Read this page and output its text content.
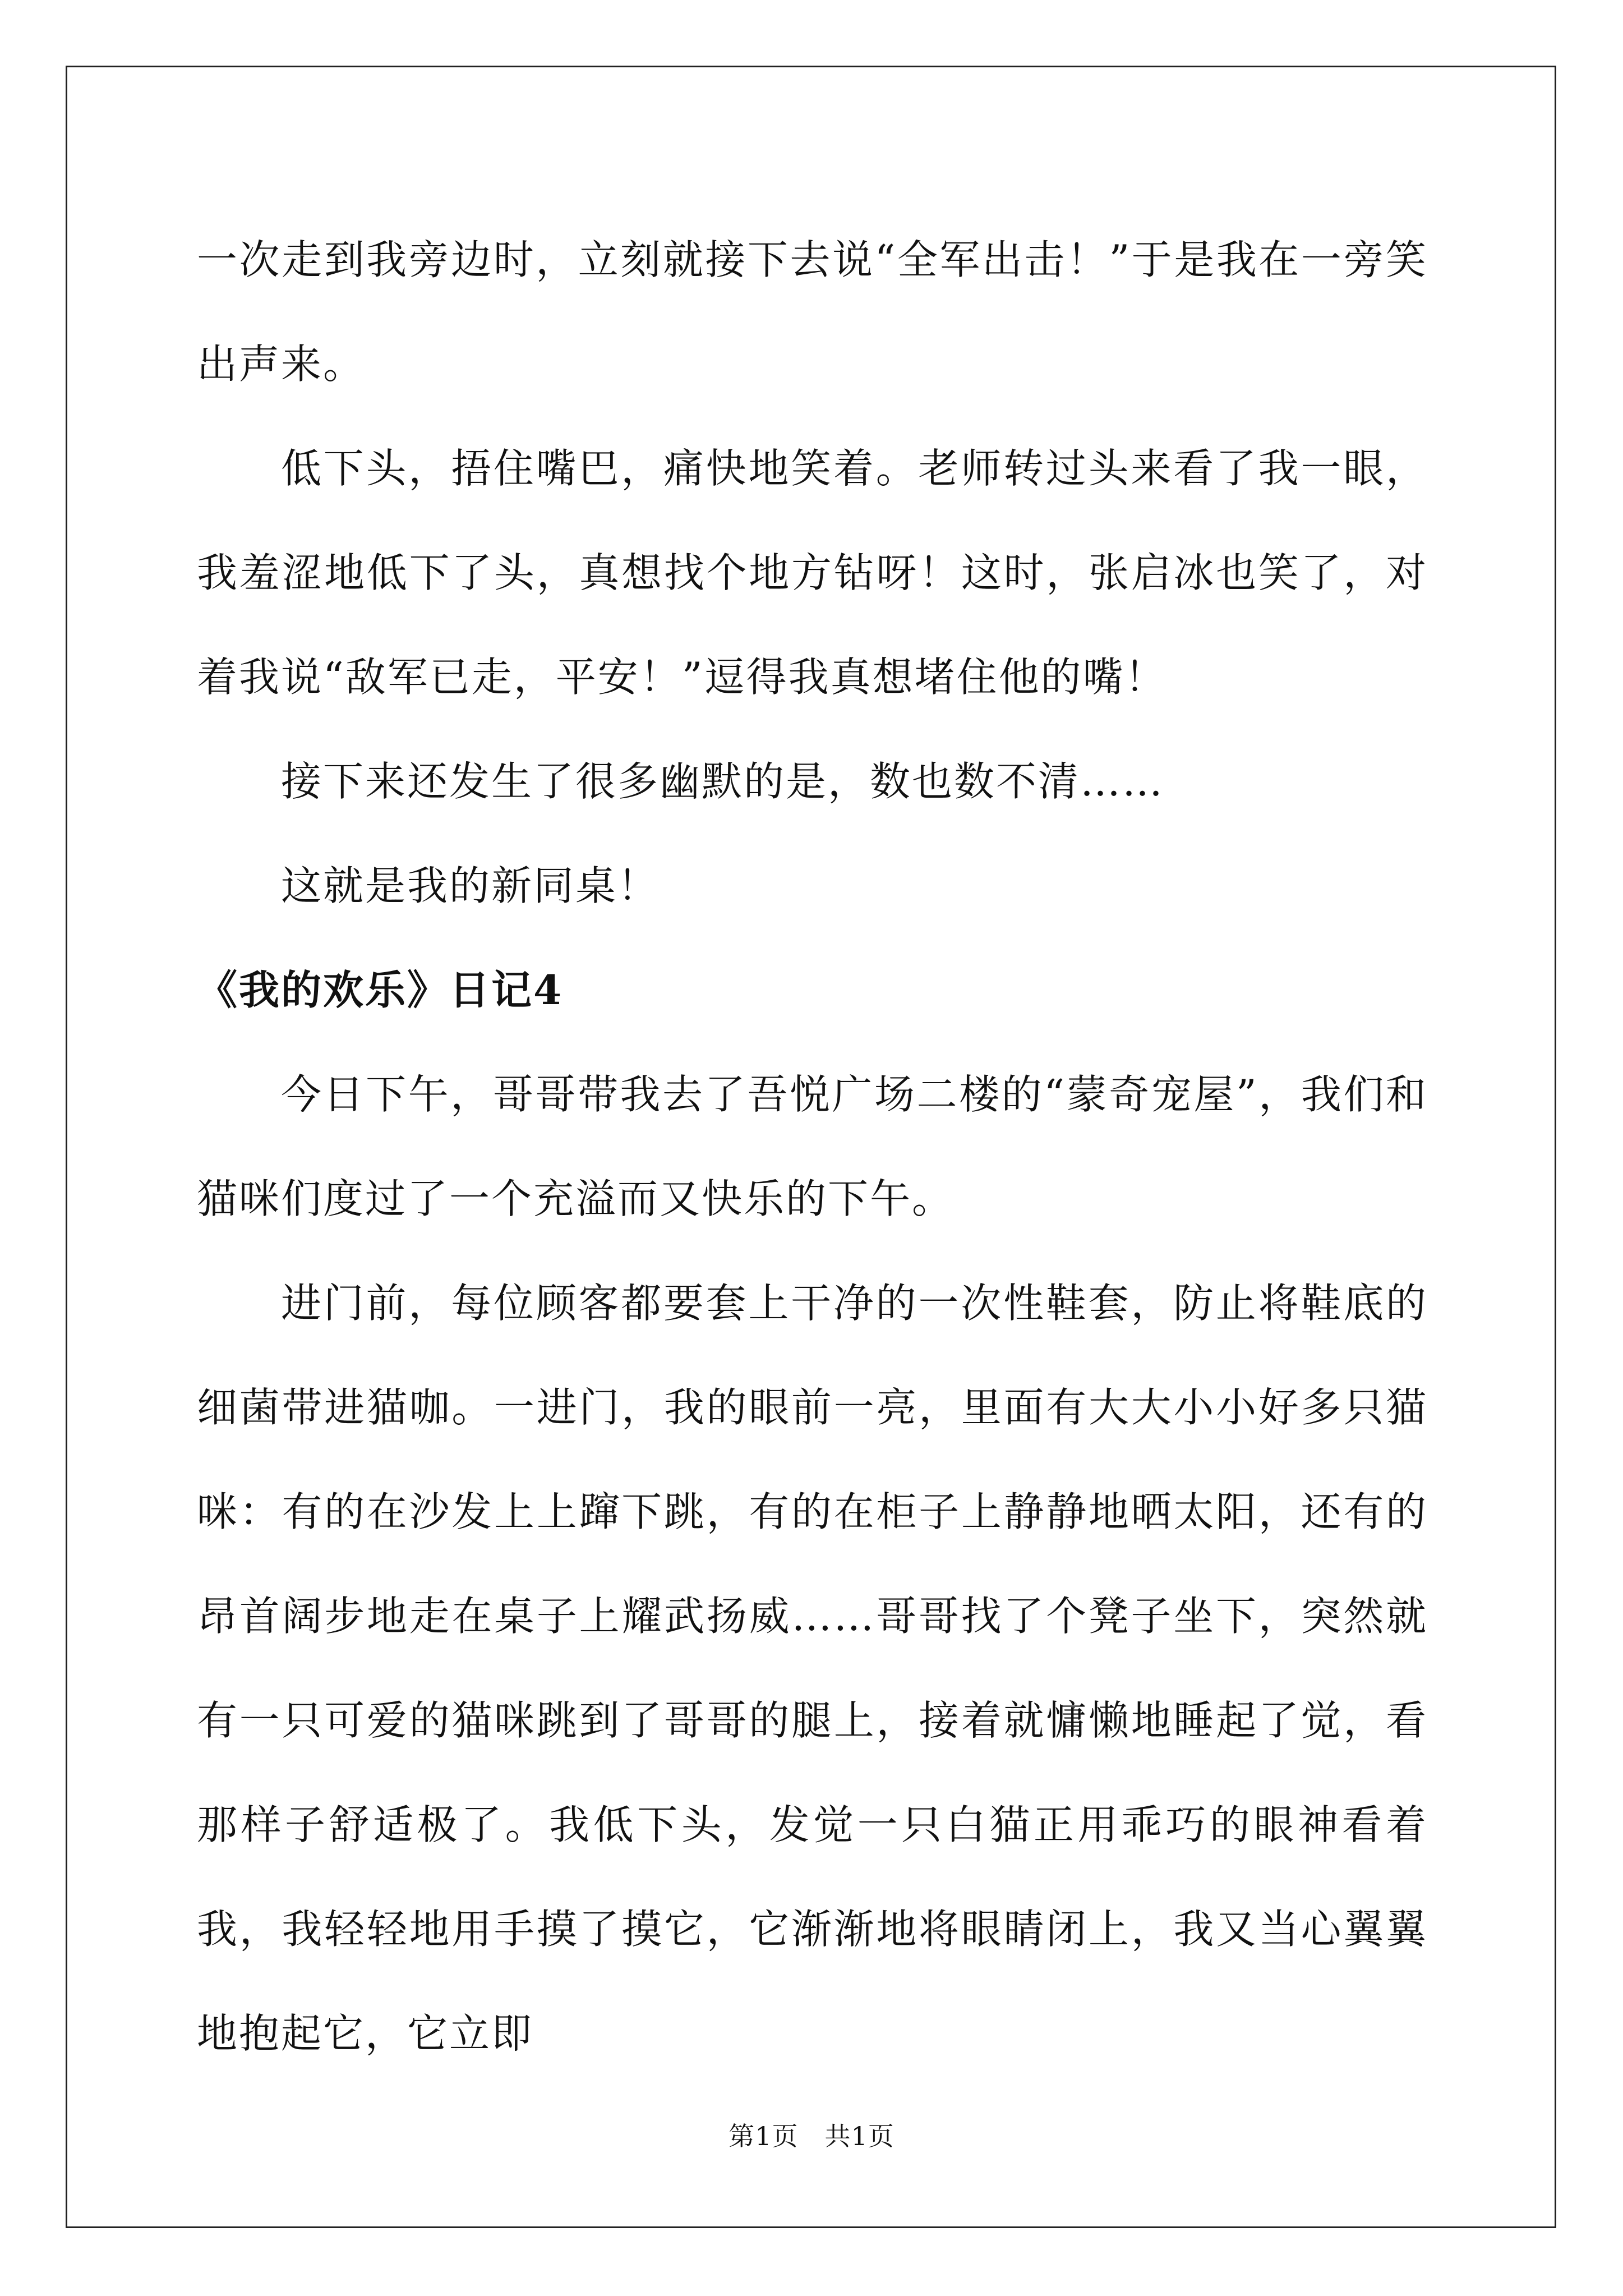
一次走到我旁边时，立刻就接下去说“全军出击！”于是我在一旁笑出声来。

低下头，捂住嘴巴，痛快地笑着。老师转过头来看了我一眼，我羞涩地低下了头，真想找个地方钻呀！这时，张启冰也笑了，对着我说“敌军已走，平安！”逗得我真想堵住他的嘴！

接下来还发生了很多幽默的是，数也数不清……

这就是我的新同桌！

《我的欢乐》日记4

今日下午，哥哥带我去了吾悦广场二楼的“蒙奇宠屋”，我们和猫咪们度过了一个充溢而又快乐的下午。

进门前，每位顾客都要套上干净的一次性鞋套，防止将鞋底的细菌带进猫咖。一进门，我的眼前一亮，里面有大大小小好多只猫咪：有的在沙发上上蹿下跳，有的在柜子上静静地晒太阳，还有的昂首阔步地走在桌子上耀武扬威……哥哥找了个凳子坐下，突然就有一只可爱的猫咪跳到了哥哥的腿上，接着就慵懒地睡起了觉，看那样子舒适极了。我低下头，发觉一只白猫正用乖巧的眼神看着我，我轻轻地用手摸了摸它，它渐渐地将眼睛闭上，我又当心翼翼地抱起它，它立即

第1页　共1页
